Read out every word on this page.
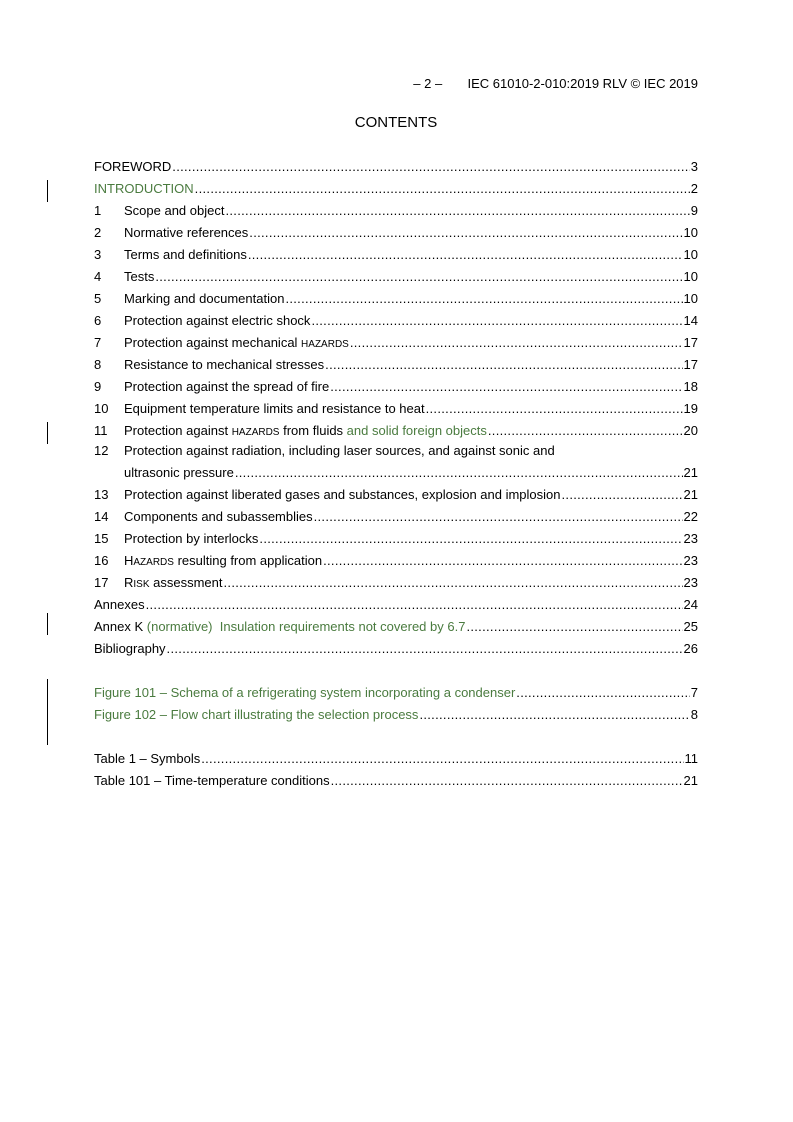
– 2 – IEC 61010-2-010:2019 RLV © IEC 2019
CONTENTS
FOREWORD .....	3
INTRODUCTION .....	2
1	Scope and object .....	9
2	Normative references .....	10
3	Terms and definitions .....	10
4	Tests .....	10
5	Marking and documentation .....	10
6	Protection against electric shock .....	14
7	Protection against mechanical HAZARDS .....	17
8	Resistance to mechanical stresses .....	17
9	Protection against the spread of fire .....	18
10	Equipment temperature limits and resistance to heat .....	19
11	Protection against HAZARDS from fluids and solid foreign objects .....	20
12 Protection against radiation, including laser sources, and against sonic and
ultrasonic pressure .....	21
13	Protection against liberated gases and substances, explosion and implosion .....	21
14	Components and subassemblies .....	22
15	Protection by interlocks .....	23
16	HAZARDS resulting from application .....	23
17	RISK assessment .....	23
Annexes .....	24
Annex K (normative)  Insulation requirements not covered by 6.7 .....	25
Bibliography .....	26
Figure 101 – Schema of a refrigerating system incorporating a condenser .....	7
Figure 102 – Flow chart illustrating the selection process .....	8
Table 1 – Symbols .....	11
Table 101 – Time-temperature conditions .....	21
